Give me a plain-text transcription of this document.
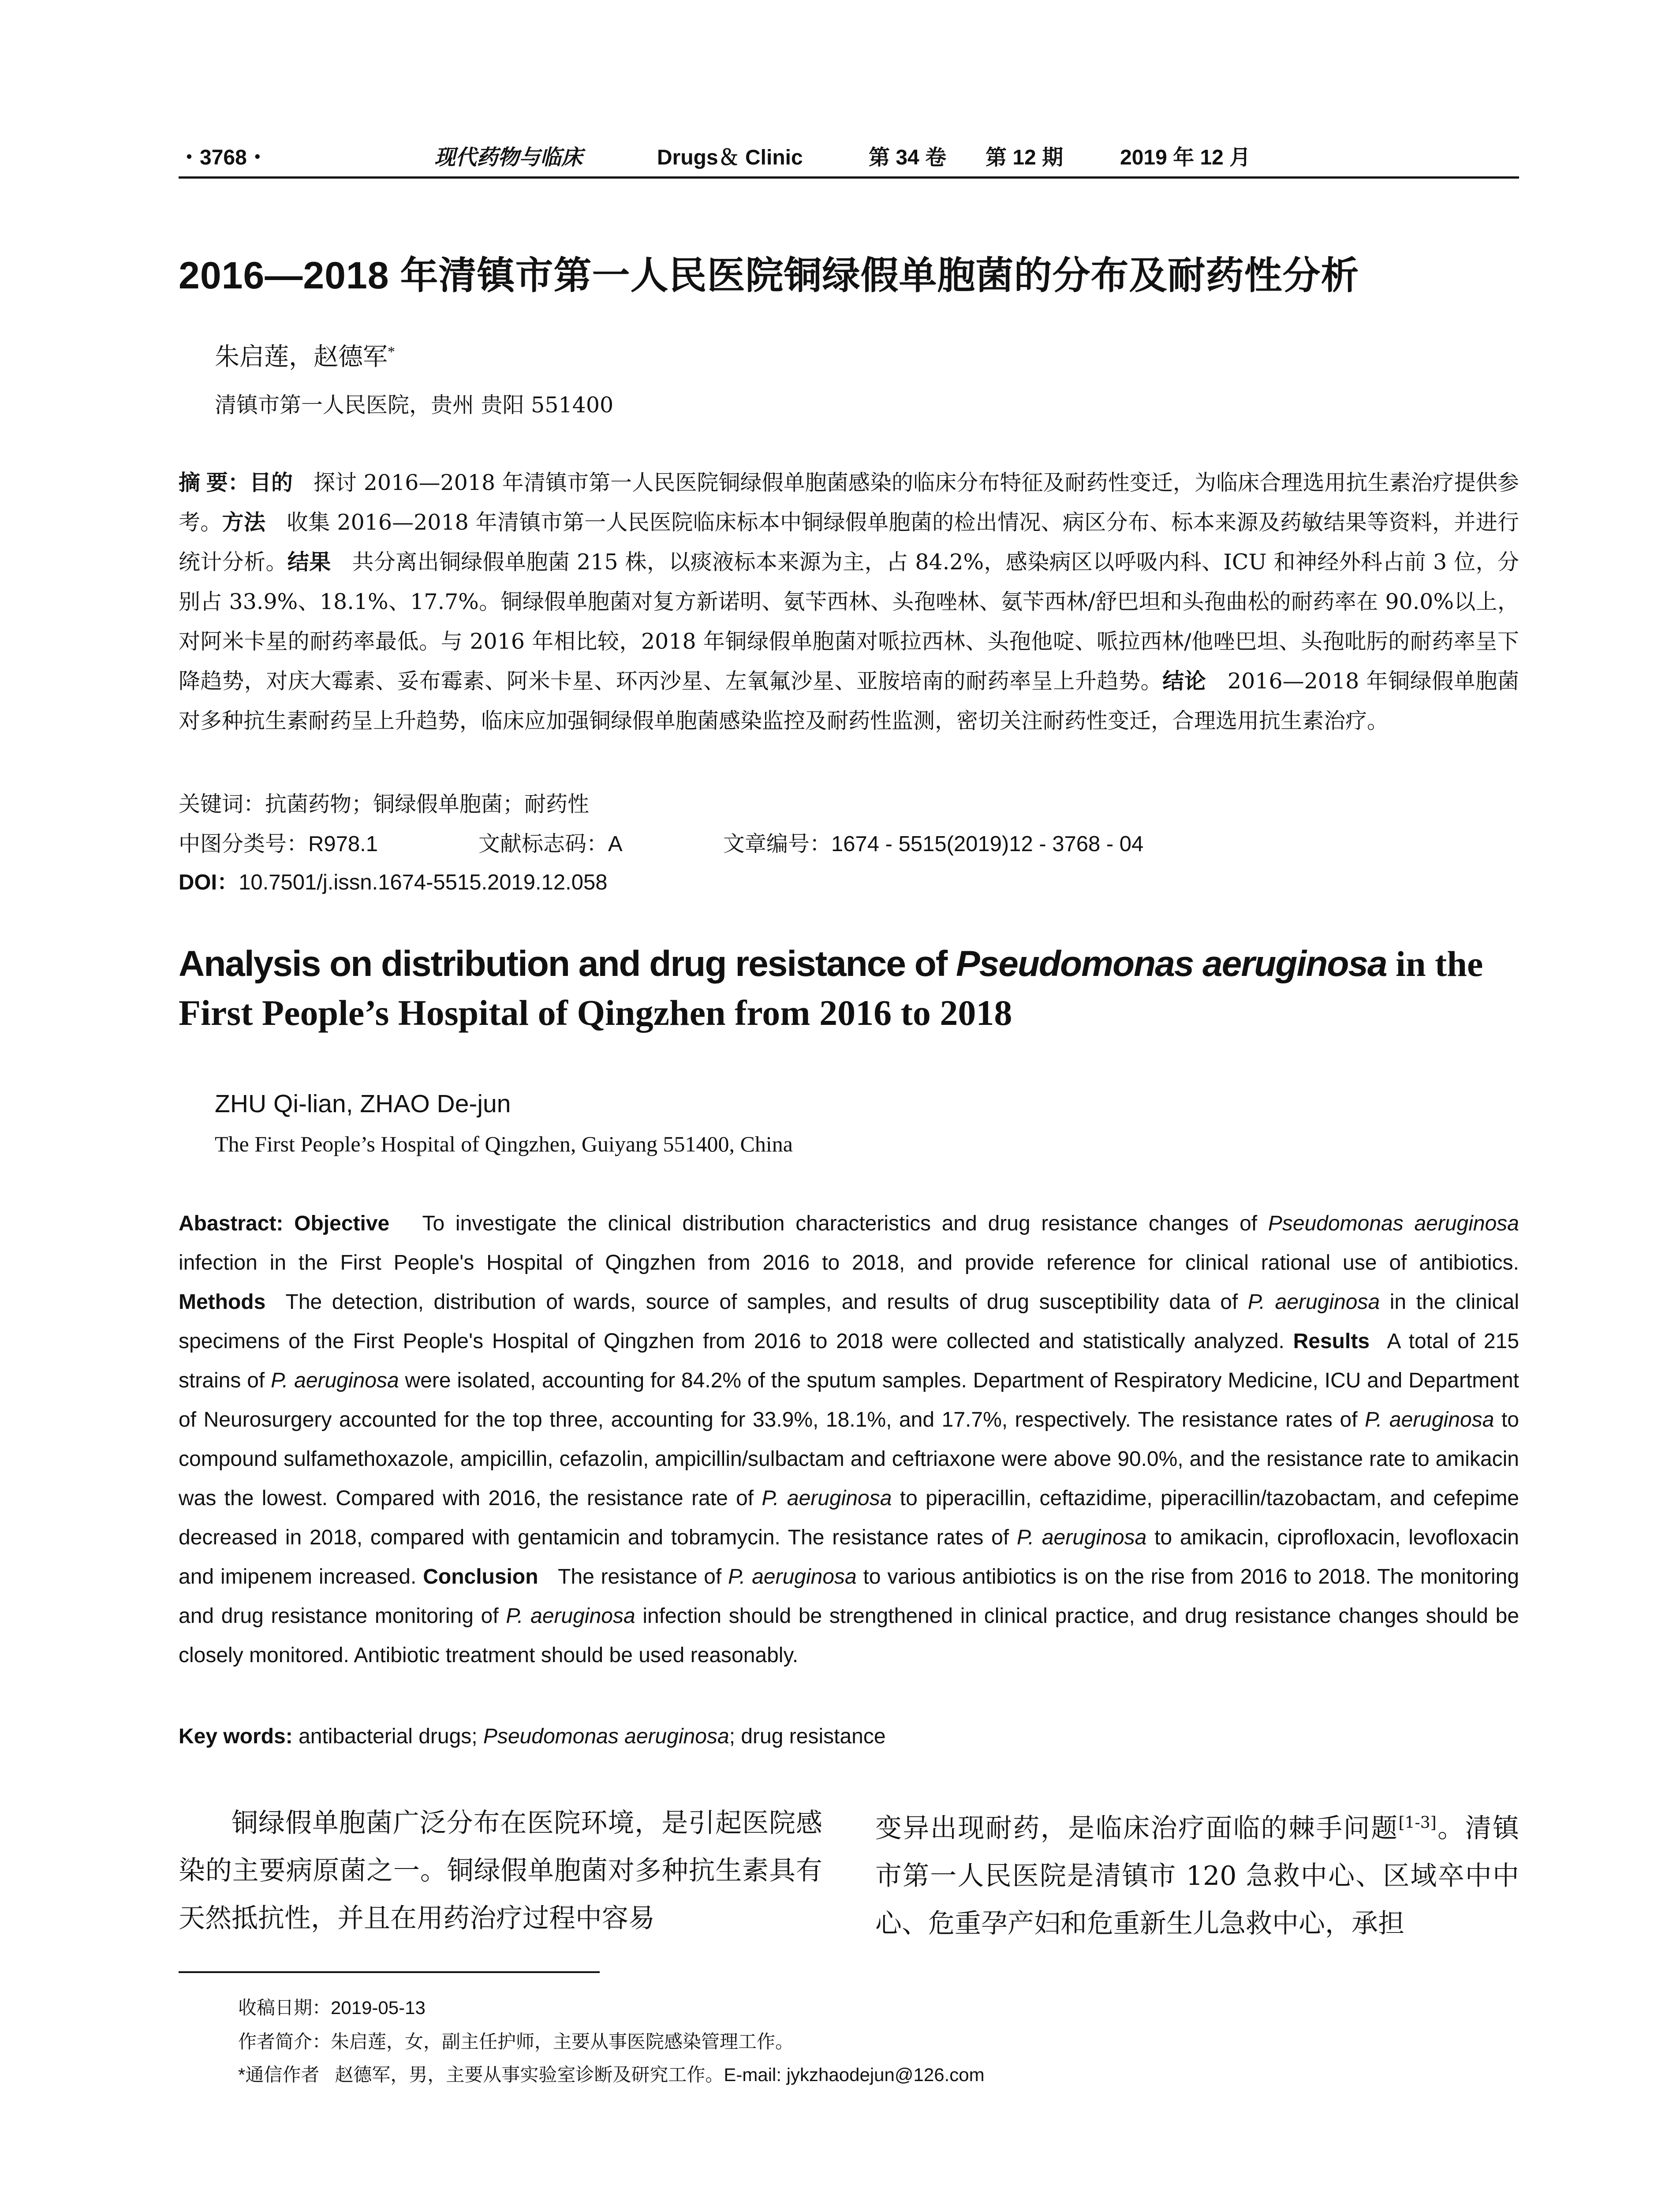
・3768・	现代药物与临床	Drugs＆ Clinic	第 34 卷 第 12 期	2019 年 12 月
2016—2018 年清镇市第一人民医院铜绿假单胞菌的分布及耐药性分析
朱启莲，赵德军*
清镇市第一人民医院，贵州 贵阳 551400
摘 要：目的 探讨 2016—2018 年清镇市第一人民医院铜绿假单胞菌感染的临床分布特征及耐药性变迁，为临床合理选用抗生素治疗提供参考。方法 收集 2016—2018 年清镇市第一人民医院临床标本中铜绿假单胞菌的检出情况、病区分布、标本来源及药敏结果等资料，并进行统计分析。结果 共分离出铜绿假单胞菌 215 株，以痰液标本来源为主，占 84.2%，感染病区以呼吸内科、ICU 和神经外科占前 3 位，分别占 33.9%、18.1%、17.7%。铜绿假单胞菌对复方新诺明、氨苄西林、头孢唑林、氨苄西林/舒巴坦和头孢曲松的耐药率在 90.0%以上，对阿米卡星的耐药率最低。与 2016 年相比较，2018 年铜绿假单胞菌对哌拉西林、头孢他啶、哌拉西林/他唑巴坦、头孢吡肟的耐药率呈下降趋势，对庆大霉素、妥布霉素、阿米卡星、环丙沙星、左氧氟沙星、亚胺培南的耐药率呈上升趋势。结论 2016—2018 年铜绿假单胞菌对多种抗生素耐药呈上升趋势，临床应加强铜绿假单胞菌感染监控及耐药性监测，密切关注耐药性变迁，合理选用抗生素治疗。
关键词：抗菌药物；铜绿假单胞菌；耐药性
中图分类号：R978.1	文献标志码：A	文章编号：1674 - 5515(2019)12 - 3768 - 04
DOI：10.7501/j.issn.1674-5515.2019.12.058
Analysis on distribution and drug resistance of Pseudomonas aeruginosa in the First People’s Hospital of Qingzhen from 2016 to 2018
ZHU Qi-lian, ZHAO De-jun
The First People’s Hospital of Qingzhen, Guiyang 551400, China
Abastract: Objective To investigate the clinical distribution characteristics and drug resistance changes of Pseudomonas aeruginosa infection in the First People's Hospital of Qingzhen from 2016 to 2018, and provide reference for clinical rational use of antibiotics. Methods The detection, distribution of wards, source of samples, and results of drug susceptibility data of P. aeruginosa in the clinical specimens of the First People's Hospital of Qingzhen from 2016 to 2018 were collected and statistically analyzed. Results A total of 215 strains of P. aeruginosa were isolated, accounting for 84.2% of the sputum samples. Department of Respiratory Medicine, ICU and Department of Neurosurgery accounted for the top three, accounting for 33.9%, 18.1%, and 17.7%, respectively. The resistance rates of P. aeruginosa to compound sulfamethoxazole, ampicillin, cefazolin, ampicillin/sulbactam and ceftriaxone were above 90.0%, and the resistance rate to amikacin was the lowest. Compared with 2016, the resistance rate of P. aeruginosa to piperacillin, ceftazidime, piperacillin/tazobactam, and cefepime decreased in 2018, compared with gentamicin and tobramycin. The resistance rates of P. aeruginosa to amikacin, ciprofloxacin, levofloxacin and imipenem increased. Conclusion The resistance of P. aeruginosa to various antibiotics is on the rise from 2016 to 2018. The monitoring and drug resistance monitoring of P. aeruginosa infection should be strengthened in clinical practice, and drug resistance changes should be closely monitored. Antibiotic treatment should be used reasonably.
Key words: antibacterial drugs; Pseudomonas aeruginosa; drug resistance
铜绿假单胞菌广泛分布在医院环境，是引起医院感染的主要病原菌之一。铜绿假单胞菌对多种抗生素具有天然抵抗性，并且在用药治疗过程中容易
变异出现耐药，是临床治疗面临的棘手问题[1-3]。清镇市第一人民医院是清镇市 120 急救中心、区域卒中中心、危重孕产妇和危重新生儿急救中心，承担
收稿日期：2019-05-13
作者简介：朱启莲，女，副主任护师，主要从事医院感染管理工作。
*通信作者 赵德军，男，主要从事实验室诊断及研究工作。E-mail: jykzhaodejun@126.com
